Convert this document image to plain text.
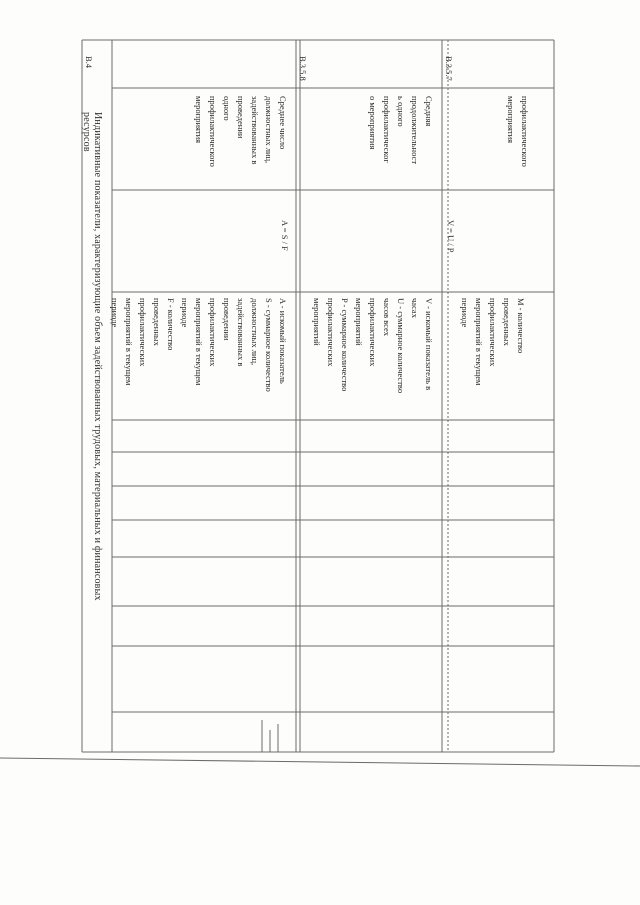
В.4
Индикативные показатели, характеризующие объем задействованных трудовых, материальных и финансовых ресурсов
В.3.5.8
Среднее число
должностных лиц,
задействованных в
проведении
одного
профилактического
мероприятия
A = S / F
A - искомый показатель
S - суммарное количество
должностных лиц,
задействованных в
проведении
профилактических
мероприятий в текущем
периоде
F - количество
проведенных
профилактических
мероприятий в текущем
периоде
В.3.5.7
Средняя
продолжительност
ь одного
профилактическог
о мероприятия
V = U / P
V - искомый показатель в
часах
U - суммарное количество
часов всех
профилактических
мероприятий
P - суммарное количество
профилактических
мероприятий
профилактического
мероприятия
M - количество
проведенных
профилактических
мероприятий в текущем
периоде
